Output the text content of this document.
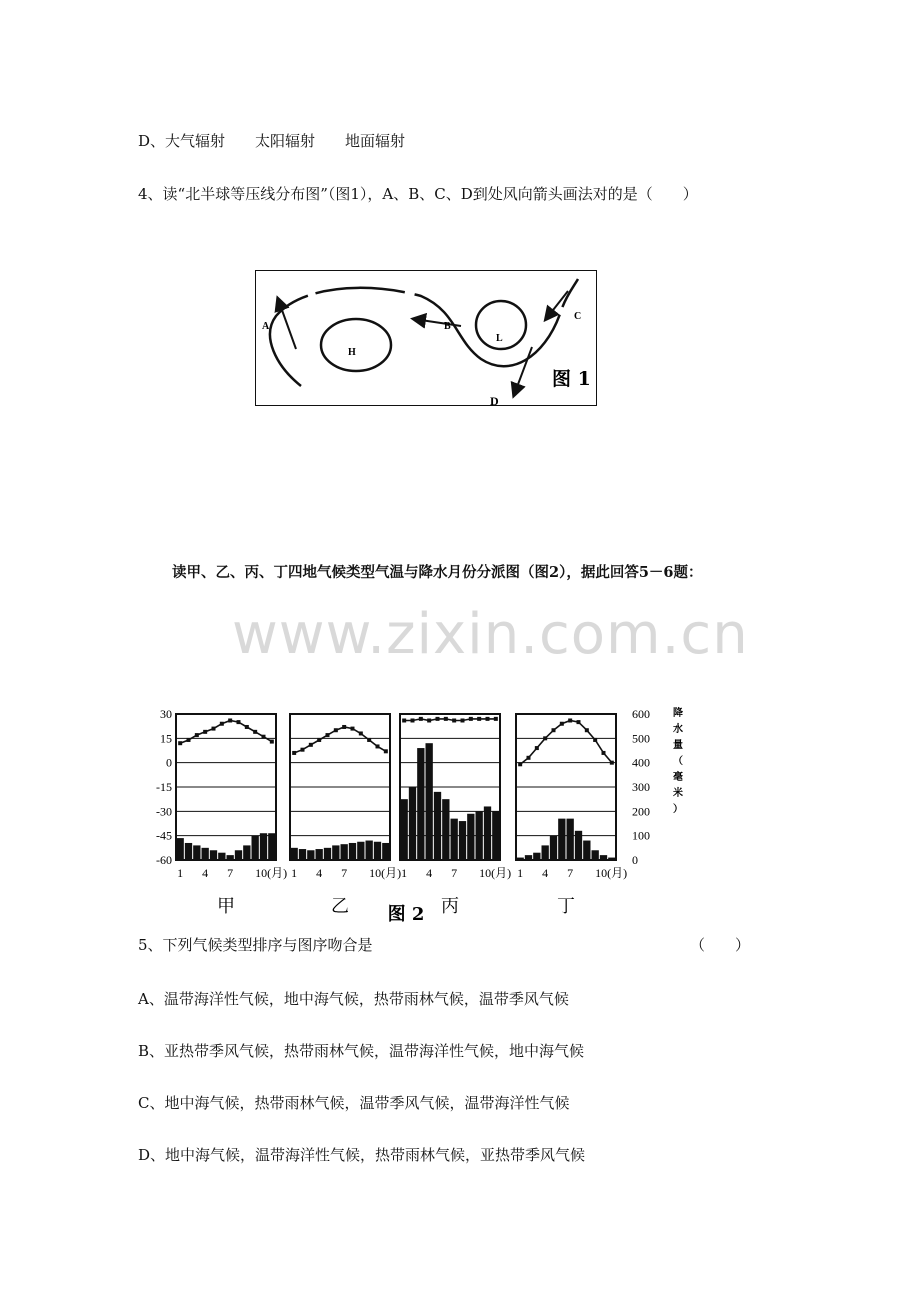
D、大气辐射　　太阳辐射　　地面辐射
4、读“北半球等压线分布图”（图1），A、B、C、D到处风向箭头画法对的是（　　）
A
H
B
L
C
D
图 1
读甲、乙、丙、丁四地气候类型气温与降水月份分派图（图2），据此回答5－6题：
www.zixin.com.cn
30
15
0
-15
-30
-45
-60
600
500
400
300
200
100
0
降
水
量
（
毫
米
）
1 4 7 10(月)
甲
1 4 7 10(月)
乙
1 4 7 10(月)
丙
1 4 7 10(月)
丁
图 2
5、下列气候类型排序与图序吻合是	（　　）
A、温带海洋性气候，地中海气候，热带雨林气候，温带季风气候
B、亚热带季风气候，热带雨林气候，温带海洋性气候，地中海气候
C、地中海气候，热带雨林气候，温带季风气候，温带海洋性气候
D、地中海气候，温带海洋性气候，热带雨林气候，亚热带季风气候
